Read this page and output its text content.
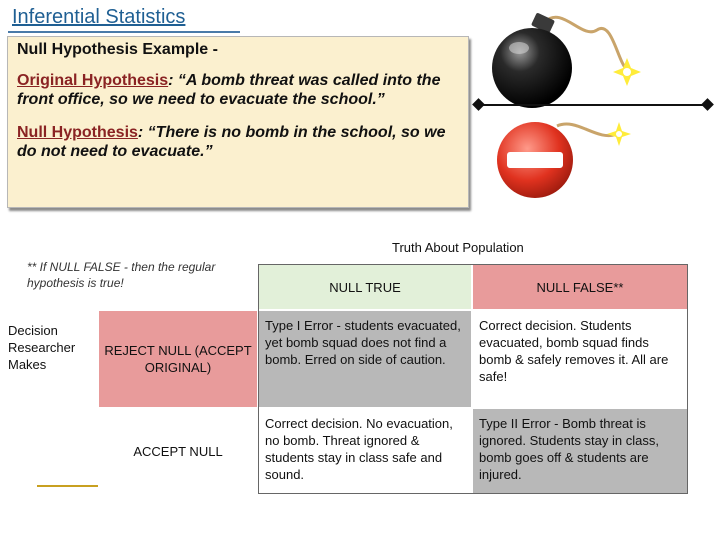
Inferential Statistics
Null Hypothesis Example -
Original Hypothesis: “A bomb threat was called into the front office, so we need to evacuate the school.”
Null Hypothesis: “There is no bomb in the school, so we do not need to evacuate.”
** If NULL FALSE - then the regular hypothesis is true!
Truth About Population
Decision Researcher Makes
NULL TRUE	NULL FALSE**
REJECT NULL (ACCEPT ORIGINAL)
Type I Error - students evacuated, yet bomb squad does not find a bomb. Erred on side of caution.
Correct decision. Students evacuated, bomb squad finds bomb & safely removes it. All are safe!
ACCEPT NULL
Correct decision. No evacuation, no bomb. Threat ignored & students stay in class safe and sound.
Type II Error - Bomb threat is ignored. Students stay in class, bomb goes off & students are injured.
